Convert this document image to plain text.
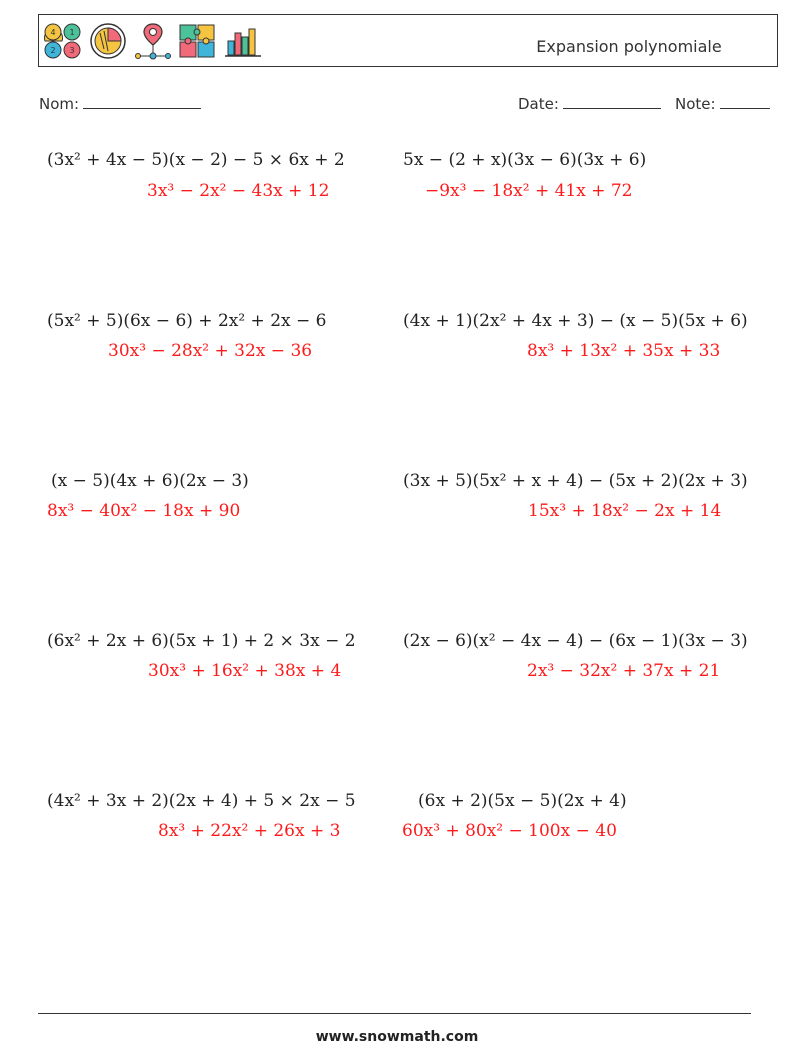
4 1
2 3	Expansion polynomiale
Nom:	Date:	Note:
(3x² + 4x − 5)(x − 2) − 5 × 6x + 2
3x³ − 2x² − 43x + 12
5x − (2 + x)(3x − 6)(3x + 6)
−9x³ − 18x² + 41x + 72
(5x² + 5)(6x − 6) + 2x² + 2x − 6
30x³ − 28x² + 32x − 36
(4x + 1)(2x² + 4x + 3) − (x − 5)(5x + 6)
8x³ + 13x² + 35x + 33
(x − 5)(4x + 6)(2x − 3)
8x³ − 40x² − 18x + 90
(3x + 5)(5x² + x + 4) − (5x + 2)(2x + 3)
15x³ + 18x² − 2x + 14
(6x² + 2x + 6)(5x + 1) + 2 × 3x − 2
30x³ + 16x² + 38x + 4
(2x − 6)(x² − 4x − 4) − (6x − 1)(3x − 3)
2x³ − 32x² + 37x + 21
(4x² + 3x + 2)(2x + 4) + 5 × 2x − 5
8x³ + 22x² + 26x + 3
(6x + 2)(5x − 5)(2x + 4)
60x³ + 80x² − 100x − 40
www.snowmath.com
